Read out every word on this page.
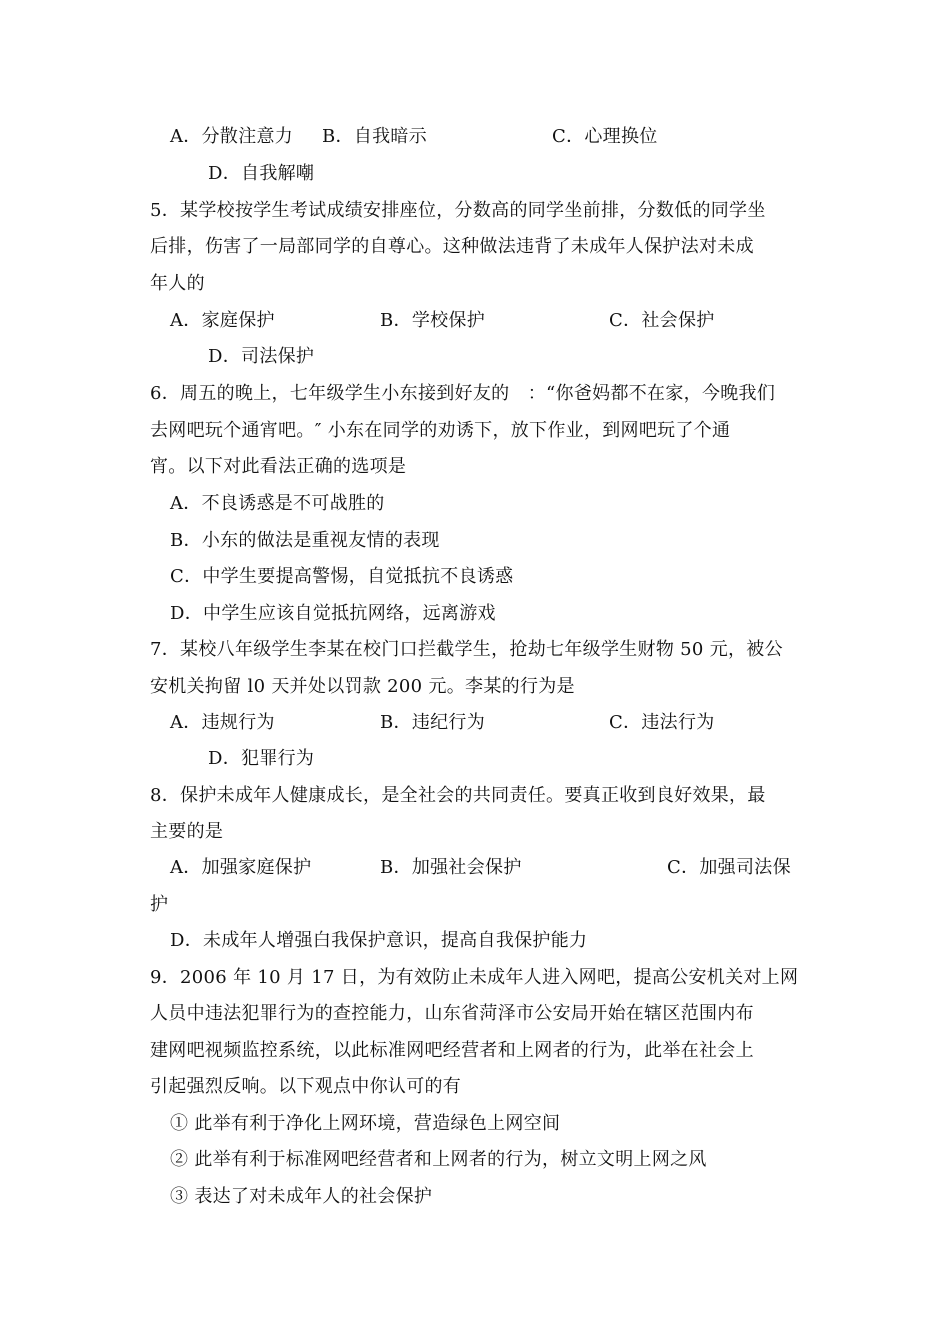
A．分散注意力 B．自我暗示	C．心理换位
D．自我解嘲
5．某学校按学生考试成绩安排座位，分数高的同学坐前排，分数低的同学坐
后排，伤害了一局部同学的自尊心。这种做法违背了未成年人保护法对未成
年人的
A．家庭保护	B．学校保护	C．社会保护
D．司法保护
6．周五的晚上，七年级学生小东接到好友的　：“你爸妈都不在家，今晚我们
去网吧玩个通宵吧。″ 小东在同学的劝诱下，放下作业，到网吧玩了个通
宵。以下对此看法正确的选项是
A．不良诱惑是不可战胜的
B．小东的做法是重视友情的表现
C．中学生要提高警惕，自觉抵抗不良诱惑
D．中学生应该自觉抵抗网络，远离游戏
7．某校八年级学生李某在校门口拦截学生，抢劫七年级学生财物 50 元，被公
安机关拘留 l0 天并处以罚款 200 元。李某的行为是
A．违规行为	B．违纪行为	C．违法行为
D．犯罪行为
8．保护未成年人健康成长，是全社会的共同责任。要真正收到良好效果，最
主要的是
A．加强家庭保护	B．加强社会保护	C．加强司法保
护
D．未成年人增强白我保护意识，提高自我保护能力
9．2006 年 10 月 17 日，为有效防止未成年人进入网吧，提高公安机关对上网
人员中违法犯罪行为的查控能力，山东省菏泽市公安局开始在辖区范围内布
建网吧视频监控系统，以此标准网吧经营者和上网者的行为，此举在社会上
引起强烈反响。以下观点中你认可的有
① 此举有利于净化上网环境，营造绿色上网空间
② 此举有利于标准网吧经营者和上网者的行为，树立文明上网之风
③ 表达了对未成年人的社会保护
